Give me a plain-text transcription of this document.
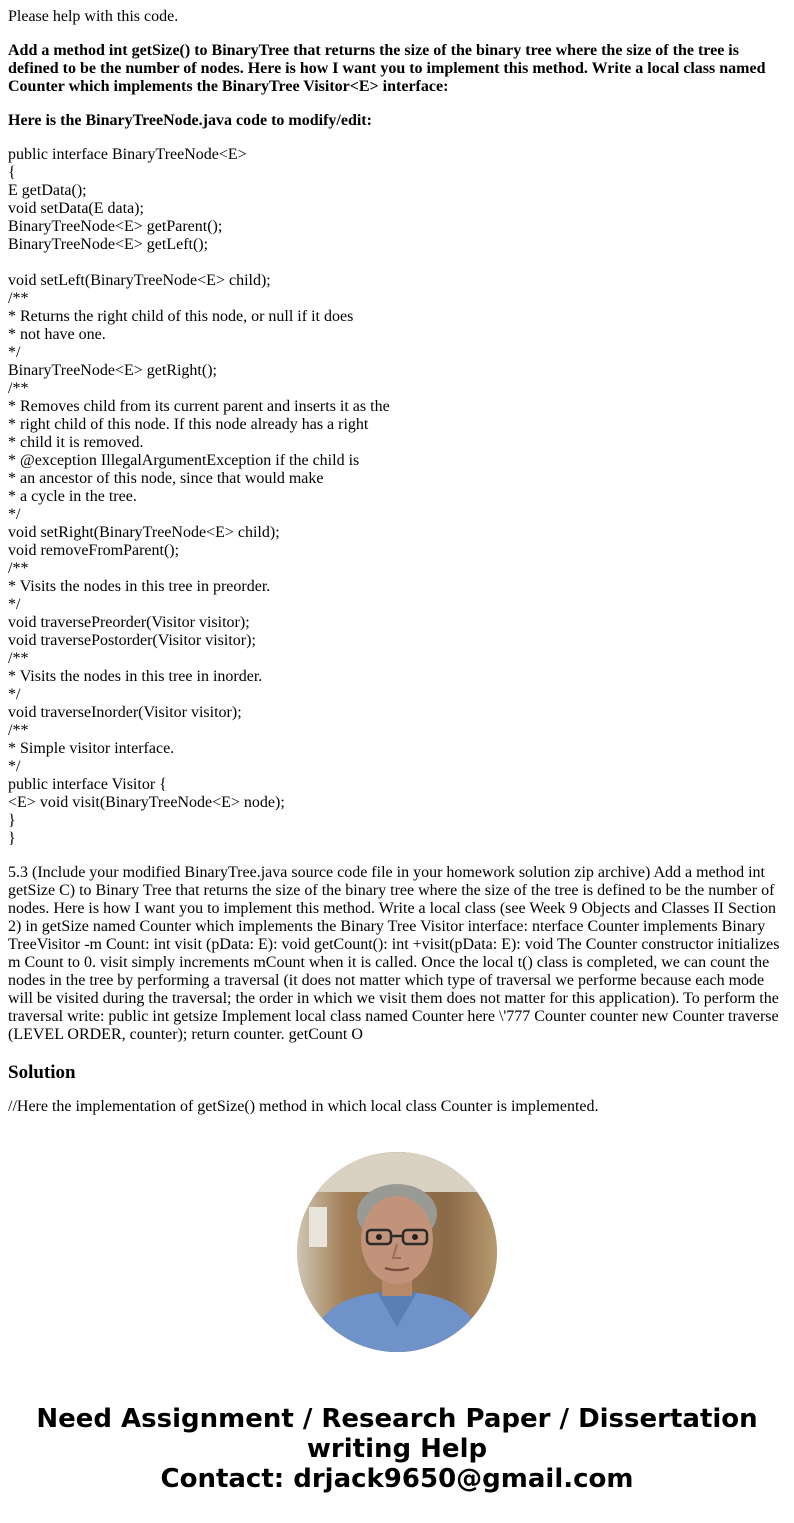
Please help with this code.

Add a method int getSize() to BinaryTree that returns the size of the binary tree where the size of the tree is defined to be the number of nodes. Here is how I want you to implement this method. Write a local class named Counter which implements the BinaryTree Visitor<E> interface:

Here is the BinaryTreeNode.java code to modify/edit:

public interface BinaryTreeNode<E>
{
E getData();
void setData(E data);
BinaryTreeNode<E> getParent();
BinaryTreeNode<E> getLeft();
void setLeft(BinaryTreeNode<E> child);
/**
* Returns the right child of this node, or null if it does
* not have one.
*/
BinaryTreeNode<E> getRight();
/**
* Removes child from its current parent and inserts it as the
* right child of this node. If this node already has a right
* child it is removed.
* @exception IllegalArgumentException if the child is
* an ancestor of this node, since that would make
* a cycle in the tree.
*/
void setRight(BinaryTreeNode<E> child);
void removeFromParent();
/**
* Visits the nodes in this tree in preorder.
*/
void traversePreorder(Visitor visitor);
void traversePostorder(Visitor visitor);
/**
* Visits the nodes in this tree in inorder.
*/
void traverseInorder(Visitor visitor);
/**
* Simple visitor interface.
*/
public interface Visitor {
<E> void visit(BinaryTreeNode<E> node);
}
}

5.3 (Include your modified BinaryTree.java source code file in your homework solution zip archive) Add a method int getSize C) to Binary Tree that returns the size of the binary tree where the size of the tree is defined to be the number of nodes. Here is how I want you to implement this method. Write a local class (see Week 9 Objects and Classes II Section 2) in getSize named Counter which implements the Binary Tree Visitor interface: nterface Counter implements Binary TreeVisitor -m Count: int visit (pData: E): void getCount(): int +visit(pData: E): void The Counter constructor initializes m Count to 0. visit simply increments mCount when it is called. Once the local t() class is completed, we can count the nodes in the tree by performing a traversal (it does not matter which type of traversal we performe because each mode will be visited during the traversal; the order in which we visit them does not matter for this application). To perform the traversal write: public int getsize Implement local class named Counter here \'777 Counter counter new Counter traverse (LEVEL ORDER, counter); return counter. getCount O

Solution

//Here the implementation of getSize() method in which local class Counter is implemented.

Need Assignment / Research Paper / Dissertation
writing Help
Contact: drjack9650@gmail.com
